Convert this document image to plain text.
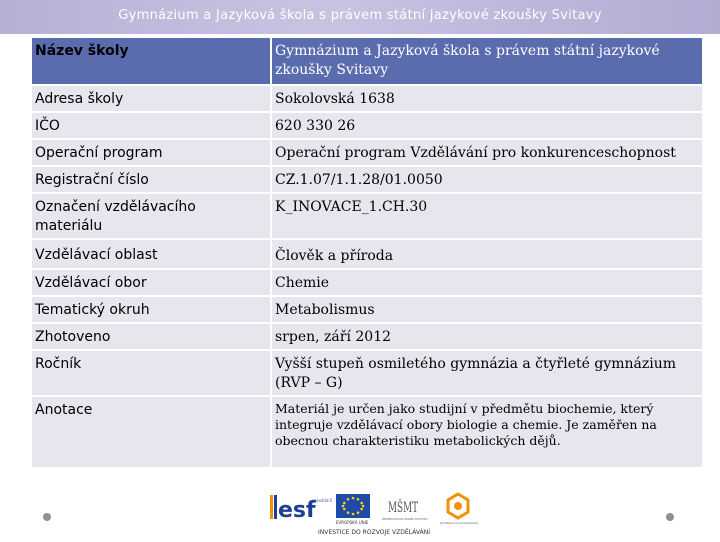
Gymnázium a Jazyková škola s právem státní jazykové zkoušky Svitavy
Název školy	Gymnázium a Jazyková škola s právem státní jazykové zkoušky Svitavy
Adresa školy	Sokolovská 1638
IČO	620 330 26
Operační program	Operační program Vzdělávání pro konkurenceschopnost
Registrační číslo	CZ.1.07/1.1.28/01.0050
Označení vzdělávacího materiálu	K_INOVACE_1.CH.30
Vzdělávací oblast	Člověk a příroda
Vzdělávací obor	Chemie
Tematický okruh	Metabolismus
Zhotoveno	srpen, září 2012
Ročník	Vyšší stupeň osmiletého gymnázia a čtyřleté gymnázium (RVP – G)
Anotace	Materiál je určen jako studijní v předmětu biochemie, který integruje vzdělávací obory biologie a chemie. Je zaměřen na obecnou charakteristiku metabolických dějů.
esf
evropský sociální fond v ČR
EVROPSKÁ UNIE
MŠMT
MINISTERSTVO ŠKOLSTVÍ, MLÁDEŽE A TĚLOVÝCHOVY
OP Vzdělávání pro konkurenceschopnost
INVESTICE DO ROZVOJE VZDĚLÁVÁNÍ
